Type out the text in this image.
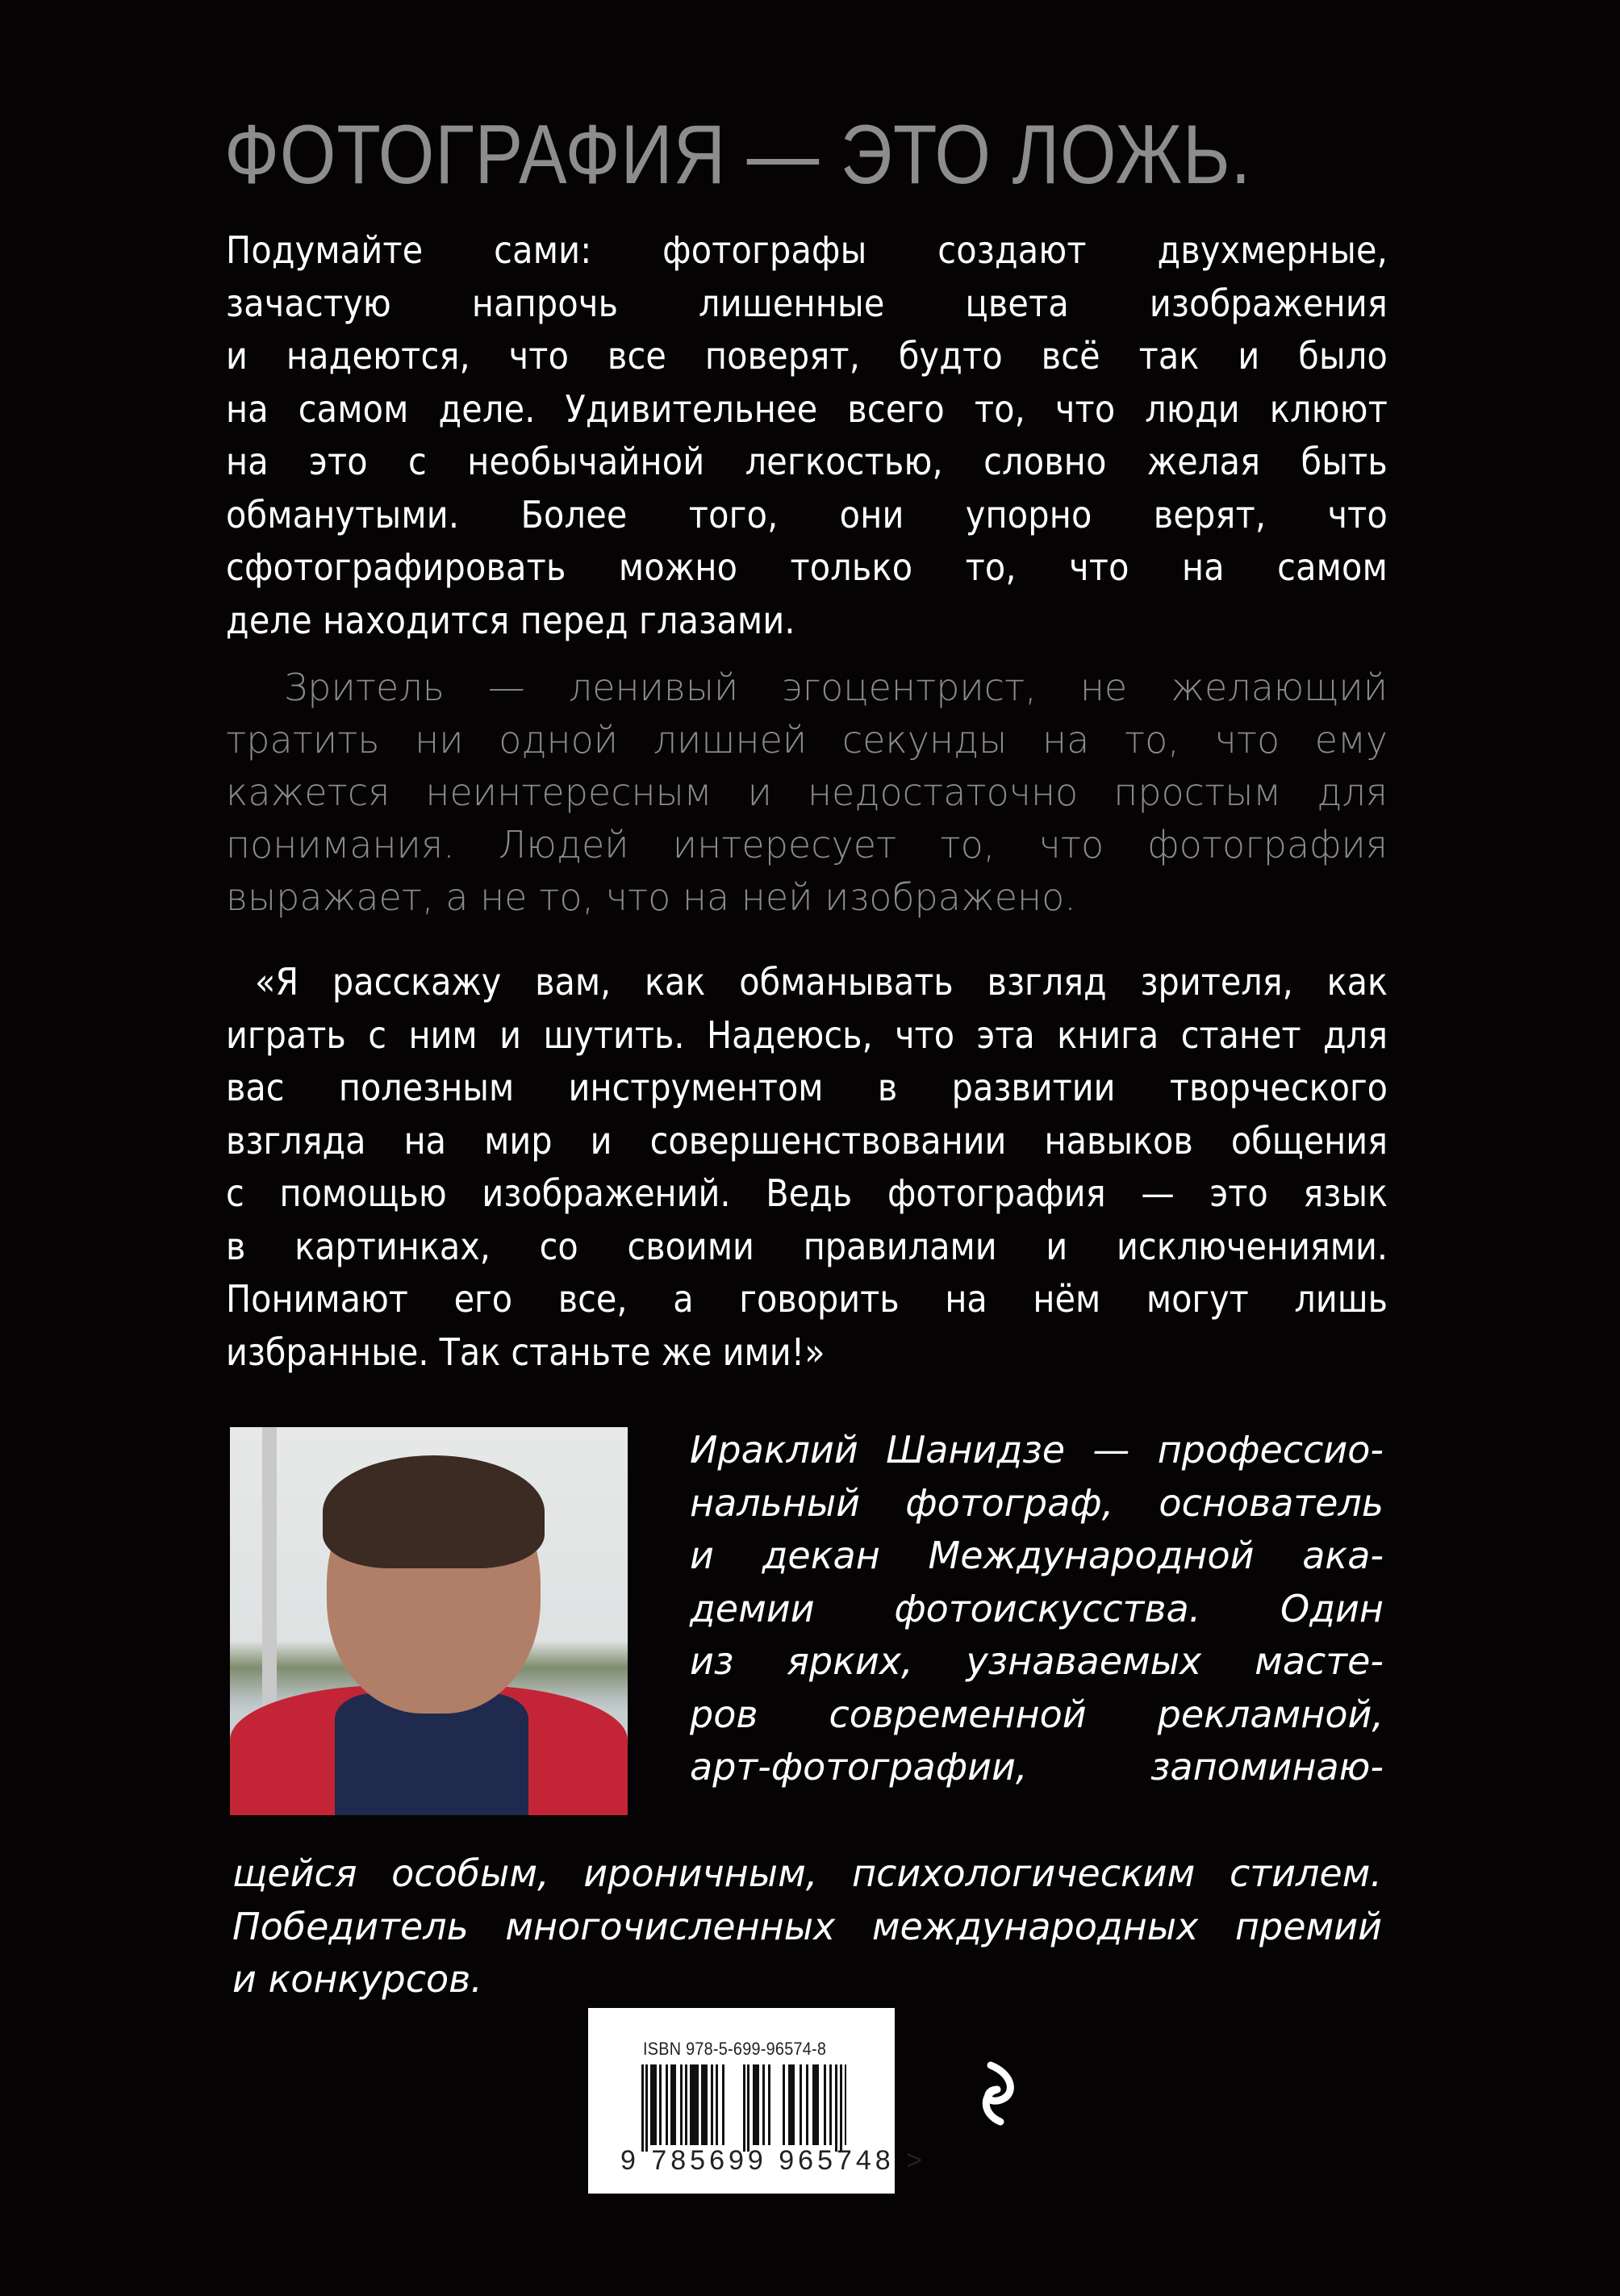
ФОТОГРАФИЯ — ЭТО ЛОЖЬ.
Подумайте сами: фотографы создают двухмерные,
зачастую напрочь лишенные цвета изображения
и надеются, что все поверят, будто всё так и было
на самом деле. Удивительнее всего то, что люди клюют
на это с необычайной легкостью, словно желая быть
обманутыми. Более того, они упорно верят, что
сфотографировать можно только то, что на самом
деле находится перед глазами.
Зритель — ленивый эгоцентрист, не желающий
тратить ни одной лишней секунды на то, что ему
кажется неинтересным и недостаточно простым для
понимания. Людей интересует то, что фотография
выражает, а не то, что на ней изображено.
«Я расскажу вам, как обманывать взгляд зрителя, как
играть с ним и шутить. Надеюсь, что эта книга станет для
вас полезным инструментом в развитии творческого
взгляда на мир и совершенствовании навыков общения
с помощью изображений. Ведь фотография — это язык
в картинках, со своими правилами и исключениями.
Понимают его все, а говорить на нём могут лишь
избранные. Так станьте же ими!»
Ираклий Шанидзе — профессио-
нальный фотограф, основатель
и декан Международной ака-
демии фотоискусства. Один
из ярких, узнаваемых масте-
ров современной рекламной,
арт-фотографии, запоминаю-
щейся особым, ироничным, психологическим стилем.
Победитель многочисленных международных премий
и конкурсов.
ISBN 978-5-699-96574-8
9 785699 965748 >
